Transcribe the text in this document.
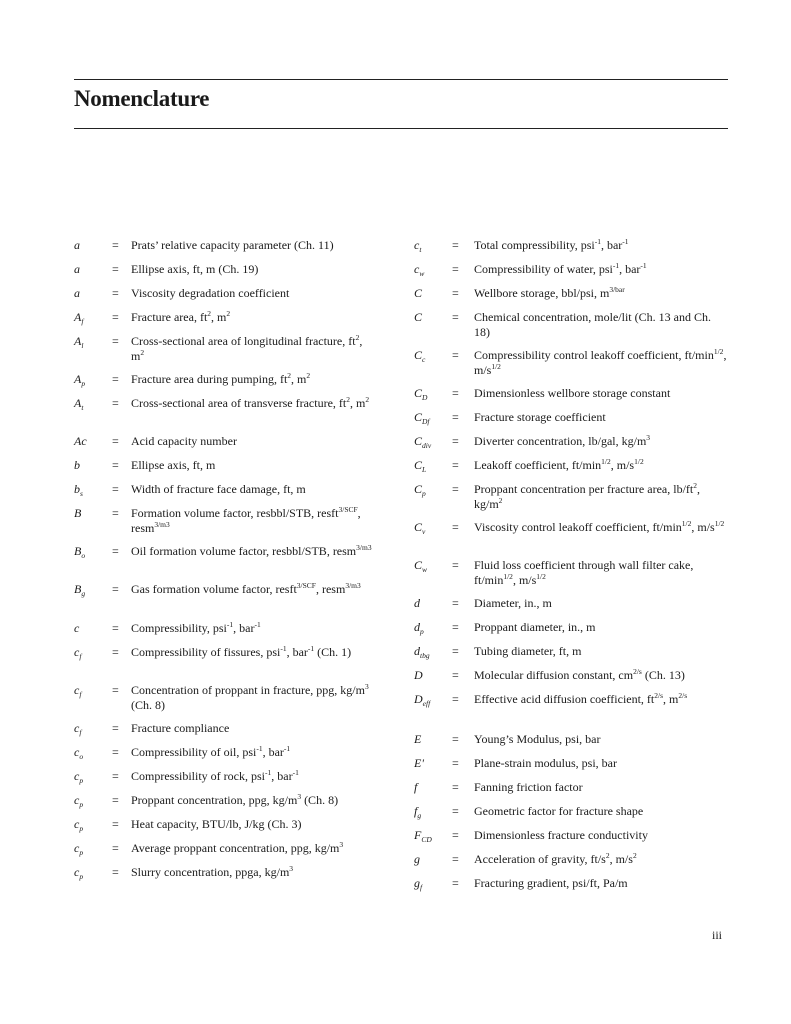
Nomenclature
a	= Prats’ relative capacity parameter (Ch. 11)
a	= Ellipse axis, ft, m (Ch. 19)
a	= Viscosity degradation coefficient
$A_f$ = Fracture area, $ft^2$, $m^2$
$A_l$ = Cross-sectional area of longitudinal fracture, $ft^2$, $m^2$
$A_p$ = Fracture area during pumping, $ft^2$, $m^2$
$A_t$ = Cross-sectional area of transverse fracture, $ft^2$, $m^2$
Ac = Acid capacity number
b	= Ellipse axis, ft, m
$b_s$ = Width of fracture face damage, ft, m
B	= Formation volume factor, resbbl/STB, resft$^{3/SCF}$, resm$^{3/m3}$
$B_o$ = Oil formation volume factor, resbbl/STB, resm$^{3/m3}$
$B_g$ = Gas formation volume factor, resft$^{3/SCF}$, resm$^{3/m3}$
c	= Compressibility, psi$^{-1}$, bar$^{-1}$
$c_f$	= Compressibility of fissures, psi$^{-1}$, bar$^{-1}$ (Ch. 1)
$c_f$	= Concentration of proppant in fracture, ppg, $kg/m^3$ (Ch. 8)
$c_f$	= Fracture compliance
$c_o$ = Compressibility of oil, psi$^{-1}$, bar$^{-1}$
$c_p$ = Compressibility of rock, psi$^{-1}$, bar$^{-1}$
$c_p$ = Proppant concentration, ppg, $kg/m^3$ (Ch. 8)
$c_p$ = Heat capacity, BTU/lb, J/kg (Ch. 3)
$c_p$ = Average proppant concentration, ppg, $kg/m^3$
$c_p$ = Slurry concentration, ppga, $kg/m^3$
$c_t$	= Total compressibility, psi$^{-1}$, bar$^{-1}$
$c_w$ = Compressibility of water, psi$^{-1}$, bar$^{-1}$
C = Wellbore storage, bbl/psi, $m^{3/bar}$
C = Chemical concentration, mole/lit (Ch. 13 and Ch. 18)
$C_c$ = Compressibility control leakoff coefficient, $ft/\min^{1/2}$, $m/s^{1/2}$
$C_D$ = Dimensionless wellbore storage constant
$C_{Df}$ = Fracture storage coefficient
$C_{div}$ = Diverter concentration, lb/gal, $kg/m^3$
$C_L$ = Leakoff coefficient, $ft/\min^{1/2}$, $m/s^{1/2}$
$C_p$ = Proppant concentration per fracture area, $lb/ft^2$, $kg/m^2$
$C_v$ = Viscosity control leakoff coefficient, $ft/\min^{1/2}$, $m/s^{1/2}$
$C_w$ = Fluid loss coefficient through wall filter cake, $ft/\min^{1/2}$, $m/s^{1/2}$
d	= Diameter, in., m
$d_p$ = Proppant diameter, in., m
$d_{tbg}$ = Tubing diameter, ft, m
D = Molecular diffusion constant, $cm^{2/s}$ (Ch. 13)
$D_{eff}$ = Effective acid diffusion coefficient, $ft^{2/s}$, $m^{2/s}$
E	= Young’s Modulus, psi, bar
E' = Plane-strain modulus, psi, bar
f	= Fanning friction factor
$f_g$	= Geometric factor for fracture shape
$F_{CD}$ = Dimensionless fracture conductivity
g	= Acceleration of gravity, $ft/s^2$, $m/s^2$
$g_f$ = Fracturing gradient, psi/ft, Pa/m
iii
